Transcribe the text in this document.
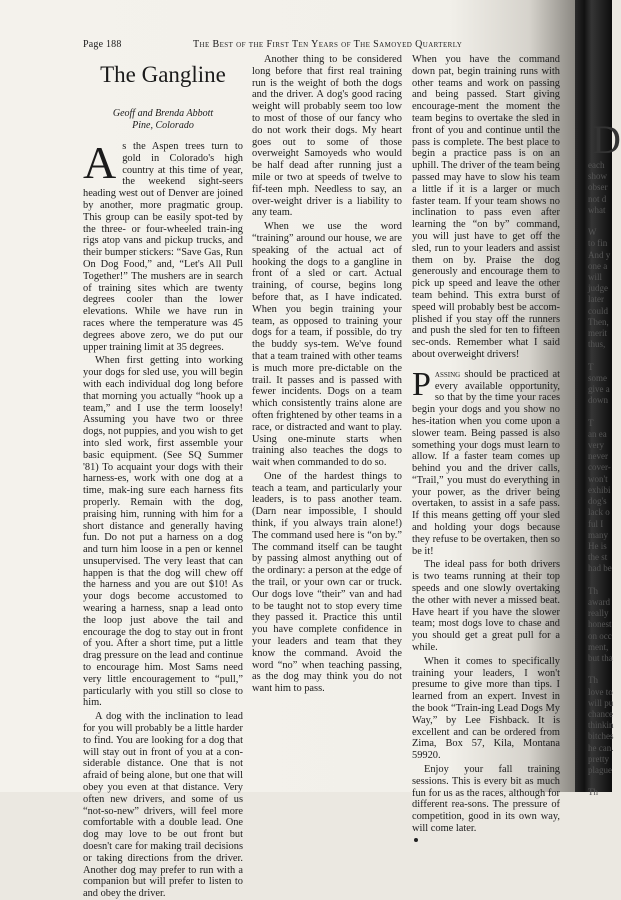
Page 188	The Best of the First Ten Years of The Samoyed Quarterly
The Gangline
Geoff and Brenda Abbott
Pine, Colorado

As the Aspen trees turn to gold in Colorado's high country at this time of year, the weekend sight-seers heading west out of Denver are joined by another, more pragmatic group. This group can be easily spot-ted by the three- or four-wheeled train-ing rigs atop vans and pickup trucks, and their bumper stickers: “Save Gas, Run On Dog Food,” and, “Let's All Pull Together!” The mushers are in search of training sites which are twenty degrees cooler than the lower elevations. While we have run in races where the temperature was 45 degrees above zero, we do put our upper training limit at 35 degrees.

When first getting into working your dogs for sled use, you will begin with each individual dog long before that morning you actually “hook up a team,” and I use the term loosely! Assuming you have two or three dogs, not puppies, and you wish to get into sled work, first assemble your basic equipment. (See SQ Summer '81) To acquaint your dogs with their harness-es, work with one dog at a time, mak-ing sure each harness fits properly. Remain with the dog, praising him, running with him for a short distance and generally having fun. Do not put a harness on a dog and turn him loose in a pen or kennel unsupervised. The very least that can happen is that the dog will chew off the harness and you are out $10! As your dogs become accustomed to wearing a harness, snap a lead onto the loop just above the tail and encourage the dog to stay out in front of you. After a short time, put a little drag pressure on the lead and continue to encourage him. Most Sams need very little encouragement to “pull,” particularly with you still so close to him.

A dog with the inclination to lead for you will probably be a little harder to find. You are looking for a dog that will stay out in front of you at a con-siderable distance. One that is not afraid of being alone, but one that will obey you even at that distance. Very often new drivers, and some of us “not-so-new” drivers, will feel more comfortable with a double lead. One dog may love to be out front but doesn't care for making trail decisions or taking directions from the driver. Another dog may prefer to run with a companion but will prefer to listen to and obey the driver.

Another thing to be considered long before that first real training run is the weight of both the dogs and the driver. A dog's good racing weight will probably seem too low to most of those of our fancy who do not work their dogs. My heart goes out to some of those overweight Samoyeds who would be half dead after running just a mile or two at speeds of twelve to fif-teen mph. Needless to say, an over-weight driver is a liability to any team.

When we use the word “training” around our house, we are speaking of the actual act of hooking the dogs to a gangline in front of a sled or cart. Actual training, of course, begins long before that, as I have indicated. When you begin training your team, as opposed to training your dogs for a team, if possible, do try the buddy sys-tem. We've found that a team trained with other teams is much more pre-dictable on the trail. It passes and is passed with fewer incidents. Dogs on a team which consistently trains alone are often frightened by other teams in a race, or distracted and want to play. Using one-minute starts when training also teaches the dogs to wait when commanded to do so.

One of the hardest things to teach a team, and particularly your leaders, is to pass another team. (Darn near impossible, I should think, if you always train alone!) The command used here is “on by.” The command itself can be taught by passing almost anything out of the ordinary: a person at the edge of the trail, or your own car or truck. Our dogs love “their” van and had to be taught not to stop every time they passed it. Practice this until you have complete confidence in your leaders and team that they know the command. Avoid the word “no” when teaching passing, as the dog may think you do not want him to pass.

When you have the command down pat, begin training runs with other teams and work on passing and being passed. Start giving encourage-ment the moment the team begins to overtake the sled in front of you and continue until the pass is complete. The best place to begin a practice pass is on an uphill. The driver of the team being passed may have to slow his team a little if it is a larger or much faster team. If your team shows no inclination to pass even after learning the “on by” command, you will just have to get off the sled, run to your leaders and assist them on by. Praise the dog generously and encourage them to pick up speed and leave the other team behind. This extra burst of speed will probably best be accom-plished if you stay off the runners and push the sled for ten to fifteen sec-onds. Remember what I said about overweight drivers!

Passing should be practiced at every available opportunity, so that by the time your races begin your dogs and you show no hes-itation when you come upon a slower team. Being passed is also something your dogs must learn to allow. If a faster team comes up behind you and the driver calls, “Trail,” you must do everything in your power, as the driver being overtaken, to assist in a safe pass. If this means getting off your sled and holding your dogs because they refuse to be overtaken, then so be it!

The ideal pass for both drivers is two teams running at their top speeds and one slowly overtaking the other with never a missed beat. Have heart if you have the slower team; most dogs love to chase and you should get a great pull for a while.

When it comes to specifically training your leaders, I won't presume to give more than tips. I learned from an expert. Invest in the book “Train-ing Lead Dogs My Way,” by Lee Fishback. It is excellent and can be ordered from Zima, Box 57, Kila, Montana 59920.

Enjoy your fall training sessions. This is every bit as much fun for us as the races, although for different rea-sons. The pressure of competition, good in its own way, will come later.

D
each
show
obser
not d
what

W
to fin
And y
one a
will
judge
later
could
Then,
merit
thus,

T
some
give a
down

T
an ea
very
never
cover-
won't
exhibi
dog's
lack o
ful I
many
He is
the st
had be

Th
award
really
honest
on occ
ment,
but tha

Th
love to
will pu
chance
thinkin
bitches
he can.
pretty
plague

Th
